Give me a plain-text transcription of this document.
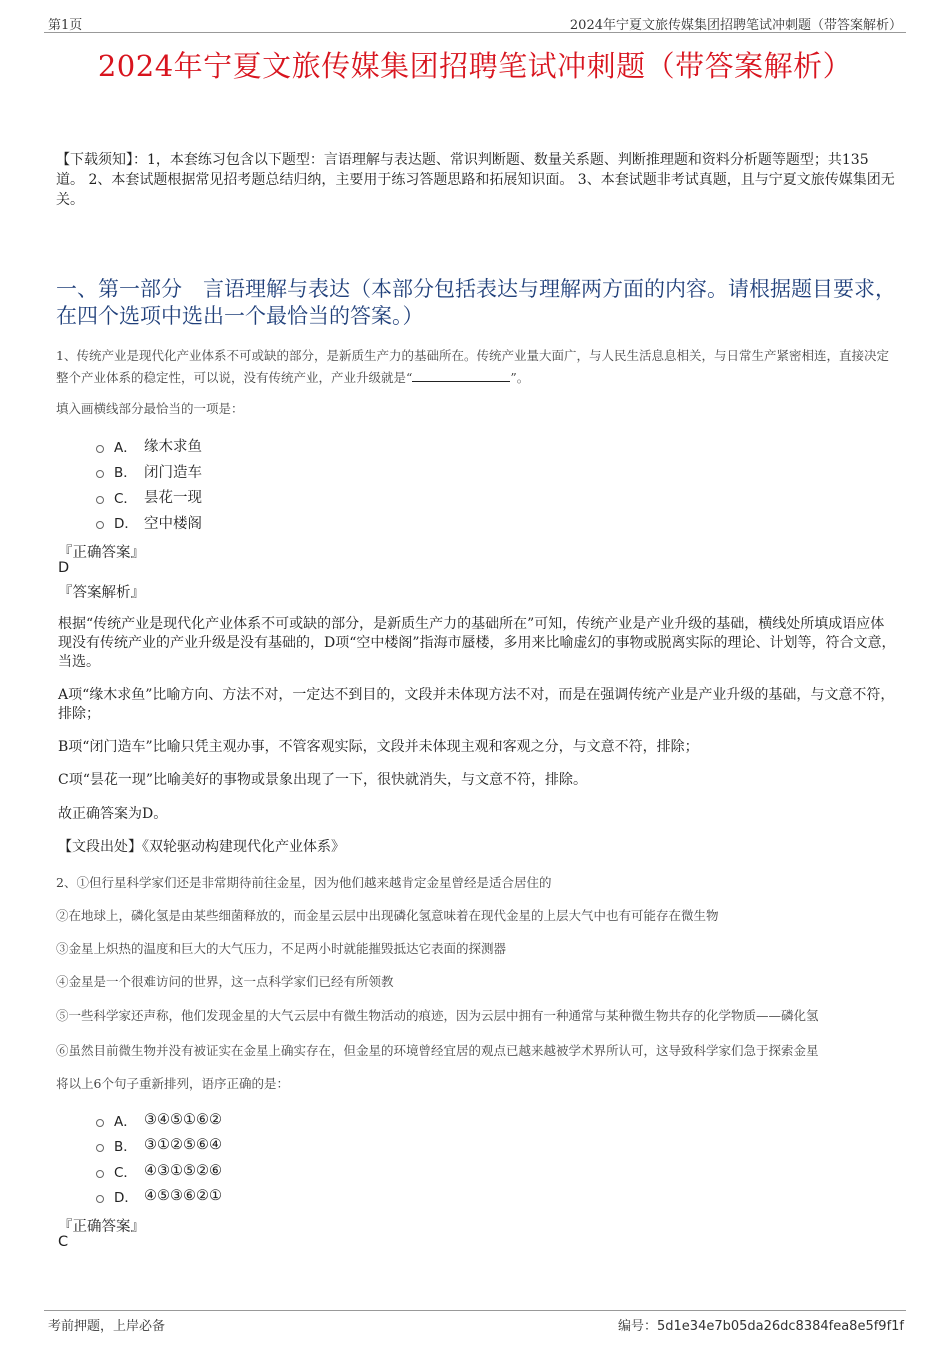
第1页	2024年宁夏文旅传媒集团招聘笔试冲刺题（带答案解析）
2024年宁夏文旅传媒集团招聘笔试冲刺题（带答案解析）
【下载须知】：1，本套练习包含以下题型：言语理解与表达题、常识判断题、数量关系题、判断推理题和资料分析题等题型；共135道。 2、本套试题根据常见招考题总结归纳，主要用于练习答题思路和拓展知识面。 3、本套试题非考试真题，且与宁夏文旅传媒集团无关。
一、第一部分　言语理解与表达（本部分包括表达与理解两方面的内容。请根据题目要求，在四个选项中选出一个最恰当的答案。）
1、传统产业是现代化产业体系不可或缺的部分，是新质生产力的基础所在。传统产业量大面广，与人民生活息息相关，与日常生产紧密相连，直接决定整个产业体系的稳定性，可以说，没有传统产业，产业升级就是“	”。
填入画横线部分最恰当的一项是：
A． 缘木求鱼
B． 闭门造车
C． 昙花一现
D． 空中楼阁
『正确答案』
D
『答案解析』
根据“传统产业是现代化产业体系不可或缺的部分，是新质生产力的基础所在”可知，传统产业是产业升级的基础，横线处所填成语应体现没有传统产业的产业升级是没有基础的，D项“空中楼阁”指海市蜃楼，多用来比喻虚幻的事物或脱离实际的理论、计划等，符合文意，当选。
A项“缘木求鱼”比喻方向、方法不对，一定达不到目的，文段并未体现方法不对，而是在强调传统产业是产业升级的基础，与文意不符，排除；
B项“闭门造车”比喻只凭主观办事，不管客观实际，文段并未体现主观和客观之分，与文意不符，排除；
C项“昙花一现”比喻美好的事物或景象出现了一下，很快就消失，与文意不符，排除。
故正确答案为D。
【文段出处】《双轮驱动构建现代化产业体系》
2、①但行星科学家们还是非常期待前往金星，因为他们越来越肯定金星曾经是适合居住的
②在地球上，磷化氢是由某些细菌释放的，而金星云层中出现磷化氢意味着在现代金星的上层大气中也有可能存在微生物
③金星上炽热的温度和巨大的大气压力，不足两小时就能摧毁抵达它表面的探测器
④金星是一个很难访问的世界，这一点科学家们已经有所领教
⑤一些科学家还声称，他们发现金星的大气云层中有微生物活动的痕迹，因为云层中拥有一种通常与某种微生物共存的化学物质——磷化氢
⑥虽然目前微生物并没有被证实在金星上确实存在，但金星的环境曾经宜居的观点已越来越被学术界所认可，这导致科学家们急于探索金星
将以上6个句子重新排列，语序正确的是：
A． ③④⑤①⑥②
B． ③①②⑤⑥④
C． ④③①⑤②⑥
D． ④⑤③⑥②①
『正确答案』
C
考前押题，上岸必备	编号：5d1e34e7b05da26dc8384fea8e5f9f1f
